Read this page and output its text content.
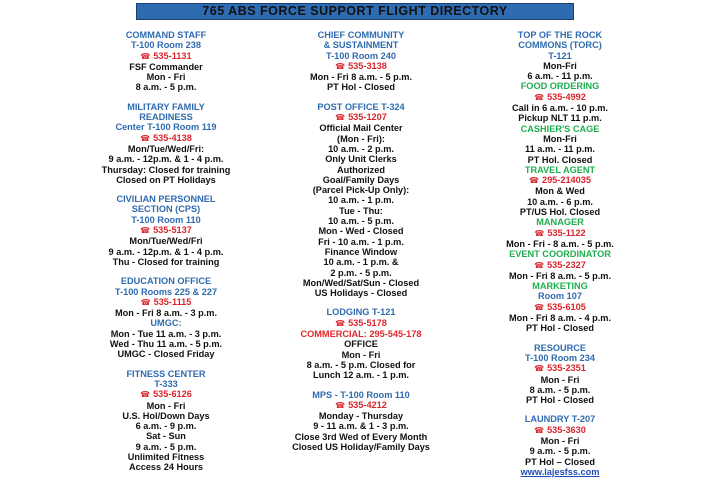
765 ABS FORCE SUPPORT FLIGHT DIRECTORY
COMMAND STAFF
T-100 Room 238
☎ 535-1131
FSF Commander
Mon - Fri
8 a.m. - 5 p.m.
MILITARY FAMILY
READINESS
Center T-100 Room 119
☎ 535-4138
Mon/Tue/Wed/Fri:
9 a.m. - 12p.m. & 1 - 4 p.m.
Thursday: Closed for training
Closed on PT Holidays
CIVILIAN PERSONNEL
SECTION (CPS)
T-100 Room 110
☎ 535-5137
Mon/Tue/Wed/Fri
9 a.m. - 12p.m. & 1 - 4 p.m.
Thu - Closed for training
EDUCATION OFFICE
T-100 Rooms 225 & 227
☎ 535-1115
Mon - Fri 8 a.m. - 3 p.m.
UMGC:
Mon - Tue 11 a.m. - 3 p.m.
Wed - Thu 11 a.m. - 5 p.m.
UMGC - Closed Friday
FITNESS CENTER
T-333
☎ 535-6126
Mon - Fri
U.S. Hol/Down Days
6 a.m. - 9 p.m.
Sat - Sun
9 a.m. - 5 p.m.
Unlimited Fitness
Access 24 Hours
CHIEF COMMUNITY
& SUSTAINMENT
T-100 Room 240
☎ 535-3138
Mon - Fri 8 a.m. - 5 p.m.
PT Hol - Closed
POST OFFICE T-324
☎ 535-1207
Official Mail Center
(Mon - Fri):
10 a.m. - 2 p.m.
Only Unit Clerks
Authorized
Goal/Family Days
(Parcel Pick-Up Only):
10 a.m. - 1 p.m.
Tue - Thu:
10 a.m. - 5 p.m.
Mon - Wed - Closed
Fri - 10 a.m. - 1 p.m.
Finance Window
10 a.m. - 1 p.m. &
2 p.m. - 5 p.m.
Mon/Wed/Sat/Sun - Closed
US Holidays - Closed
LODGING T-121
☎ 535-5178
COMMERCIAL: 295-545-178
OFFICE
Mon - Fri
8 a.m. - 5 p.m. Closed for
Lunch 12 a.m. - 1 p.m.
MPS - T-100 Room 110
☎ 535-4212
Monday - Thursday
9 - 11 a.m. & 1 - 3 p.m.
Close 3rd Wed of Every Month
Closed US Holiday/Family Days
TOP OF THE ROCK
COMMONS (TORC)
T-121
Mon-Fri
6 a.m. - 11 p.m.
FOOD ORDERING
☎ 535-4992
Call in 6 a.m. - 10 p.m.
Pickup NLT 11 p.m.
CASHIER'S CAGE
Mon-Fri
11 a.m. - 11 p.m.
PT Hol. Closed
TRAVEL AGENT
☎ 295-214035
Mon & Wed
10 a.m. - 6 p.m.
PT/US Hol. Closed
MANAGER
☎ 535-1122
Mon - Fri - 8 a.m. - 5 p.m.
EVENT COORDINATOR
☎ 535-2327
Mon - Fri 8 a.m. - 5 p.m.
MARKETING
Room 107
☎ 535-6105
Mon - Fri 8 a.m. - 4 p.m.
PT Hol - Closed
RESOURCE
T-100 Room 234
☎ 535-2351
Mon - Fri
8 a.m. - 5 p.m.
PT Hol - Closed
LAUNDRY T-207
☎ 535-3630
Mon - Fri
9 a.m. - 5 p.m.
PT Hol – Closed
www.lajesfss.com
